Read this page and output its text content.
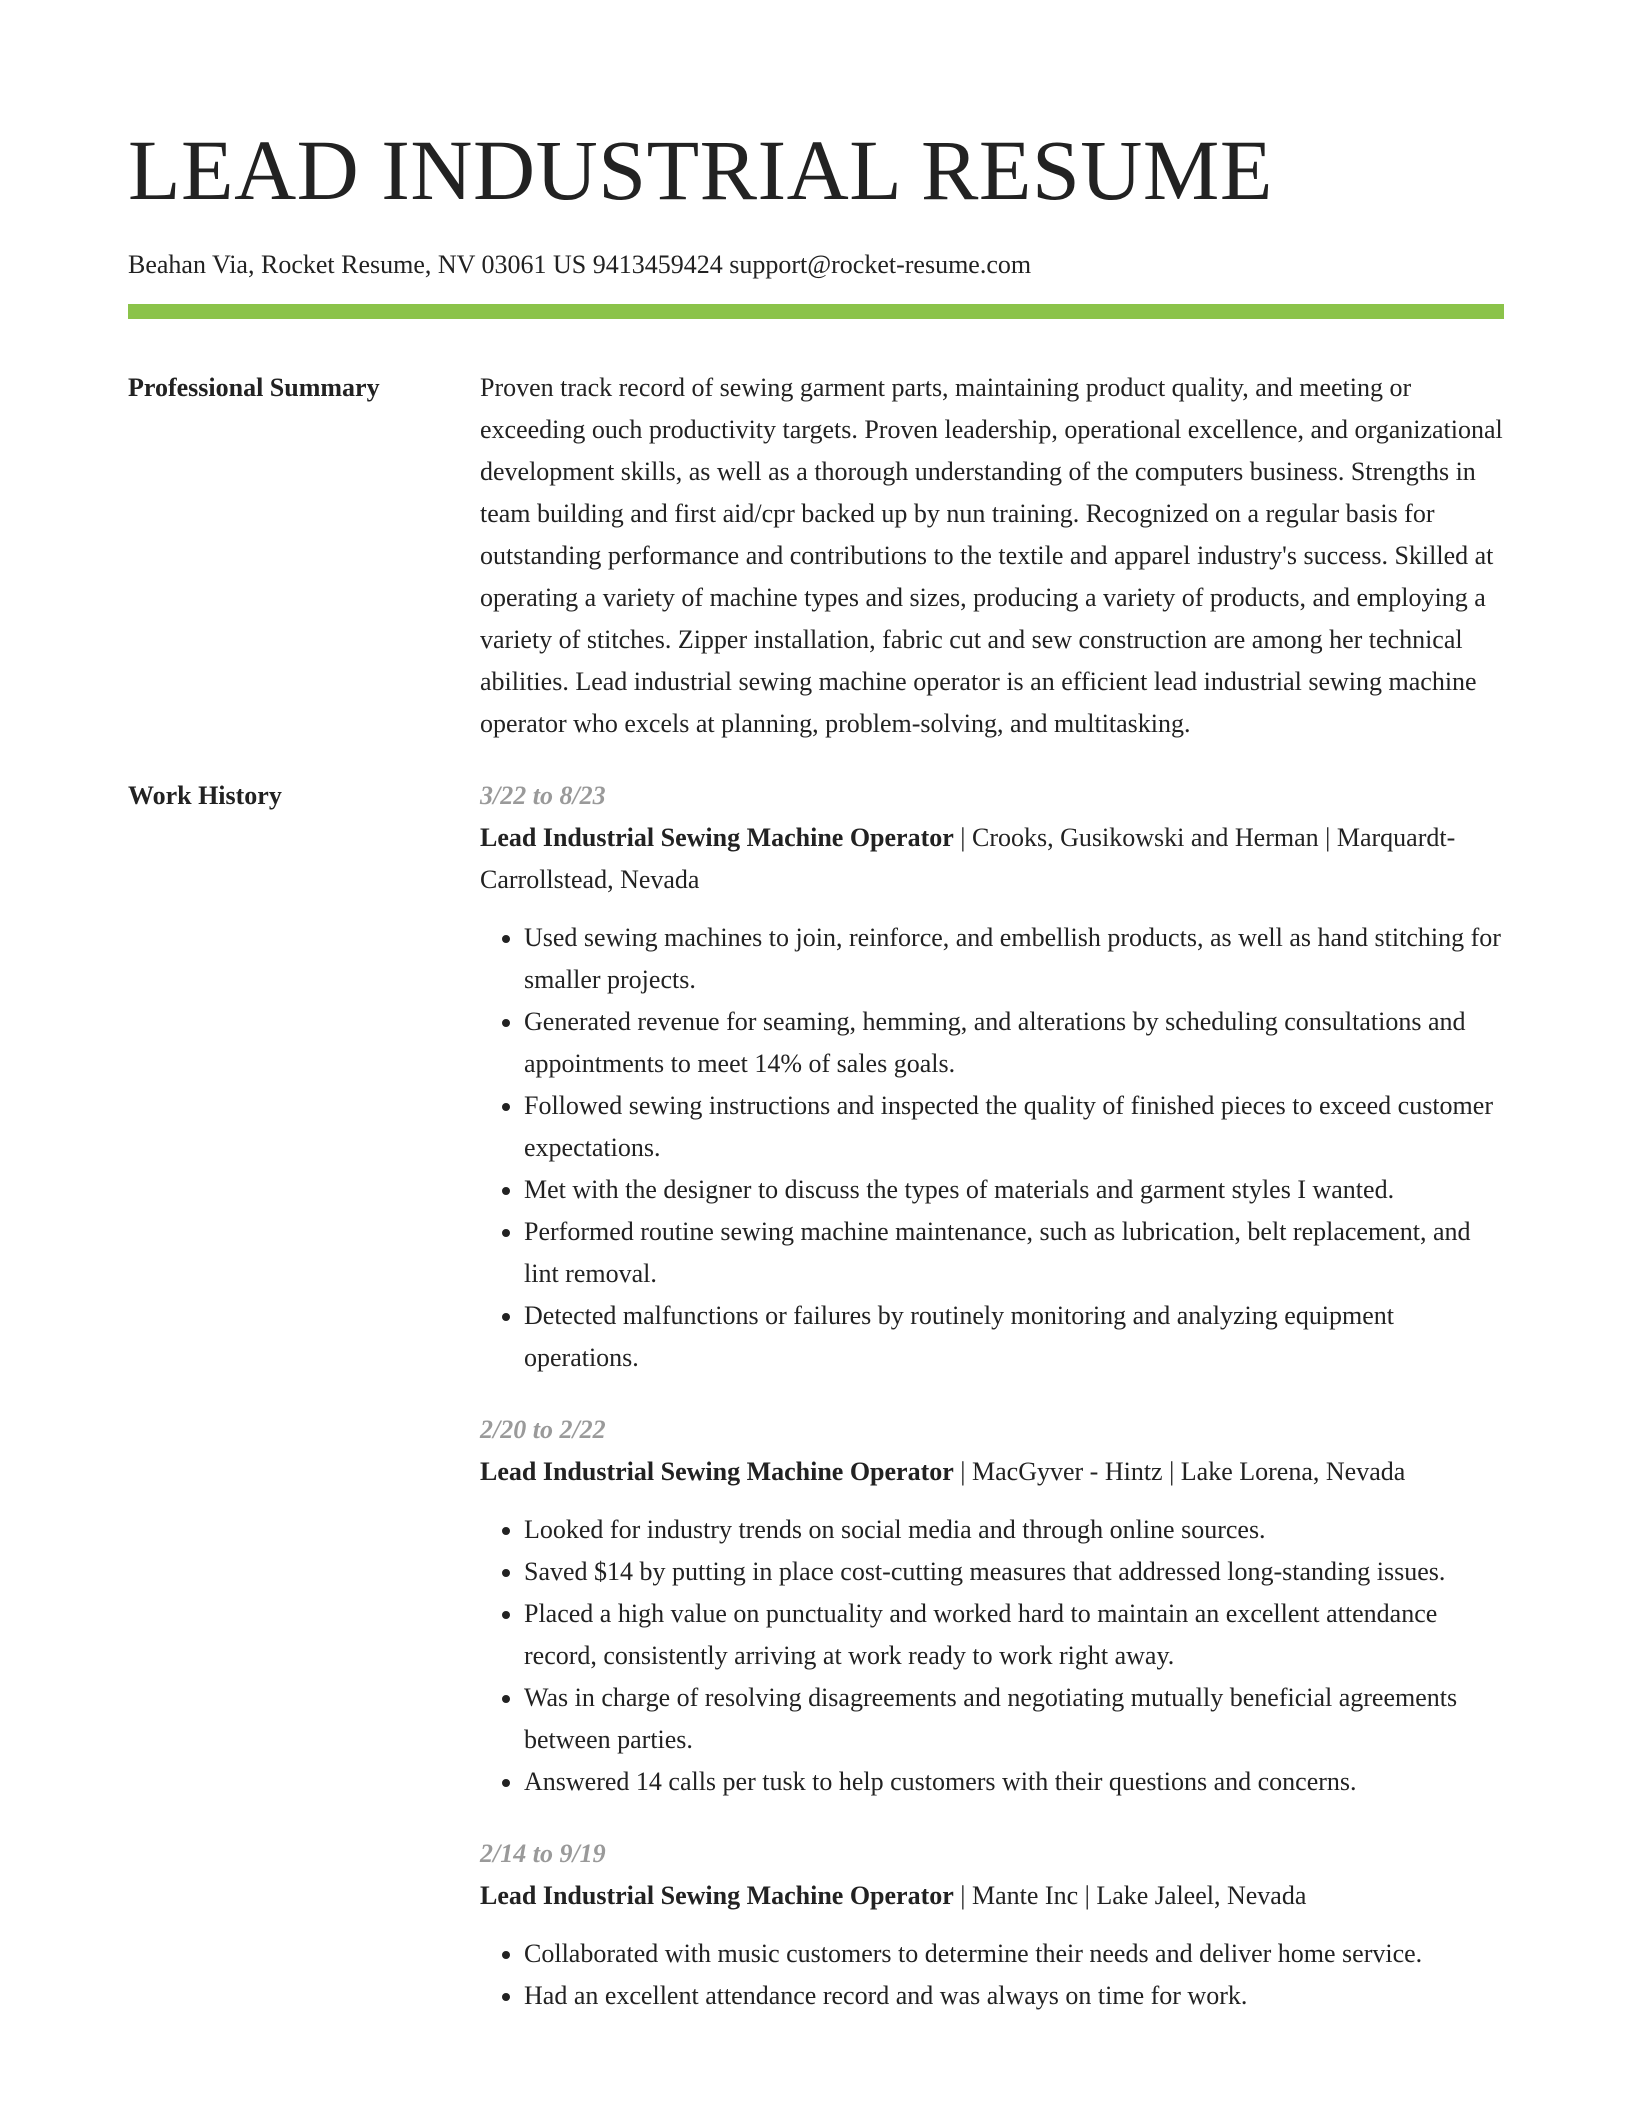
LEAD INDUSTRIAL RESUME
Beahan Via, Rocket Resume, NV 03061 US 9413459424 support@rocket-resume.com
Professional Summary	Proven track record of sewing garment parts, maintaining product quality, and meeting or exceeding ouch productivity targets. Proven leadership, operational excellence, and organizational development skills, as well as a thorough understanding of the computers business. Strengths in team building and first aid/cpr backed up by nun training. Recognized on a regular basis for outstanding performance and contributions to the textile and apparel industry's success. Skilled at operating a variety of machine types and sizes, producing a variety of products, and employing a variety of stitches. Zipper installation, fabric cut and sew construction are among her technical abilities. Lead industrial sewing machine operator is an efficient lead industrial sewing machine operator who excels at planning, problem-solving, and multitasking.

Work History	3/22 to 8/23
Lead Industrial Sewing Machine Operator | Crooks, Gusikowski and Herman | Marquardt-Carrollstead, Nevada
• Used sewing machines to join, reinforce, and embellish products, as well as hand stitching for smaller projects.
• Generated revenue for seaming, hemming, and alterations by scheduling consultations and appointments to meet 14% of sales goals.
• Followed sewing instructions and inspected the quality of finished pieces to exceed customer expectations.
• Met with the designer to discuss the types of materials and garment styles I wanted.
• Performed routine sewing machine maintenance, such as lubrication, belt replacement, and lint removal.
• Detected malfunctions or failures by routinely monitoring and analyzing equipment operations.
2/20 to 2/22
Lead Industrial Sewing Machine Operator | MacGyver - Hintz | Lake Lorena, Nevada
• Looked for industry trends on social media and through online sources.
• Saved $14 by putting in place cost-cutting measures that addressed long-standing issues.
• Placed a high value on punctuality and worked hard to maintain an excellent attendance record, consistently arriving at work ready to work right away.
• Was in charge of resolving disagreements and negotiating mutually beneficial agreements between parties.
• Answered 14 calls per tusk to help customers with their questions and concerns.
2/14 to 9/19
Lead Industrial Sewing Machine Operator | Mante Inc | Lake Jaleel, Nevada
• Collaborated with music customers to determine their needs and deliver home service.
• Had an excellent attendance record and was always on time for work.
